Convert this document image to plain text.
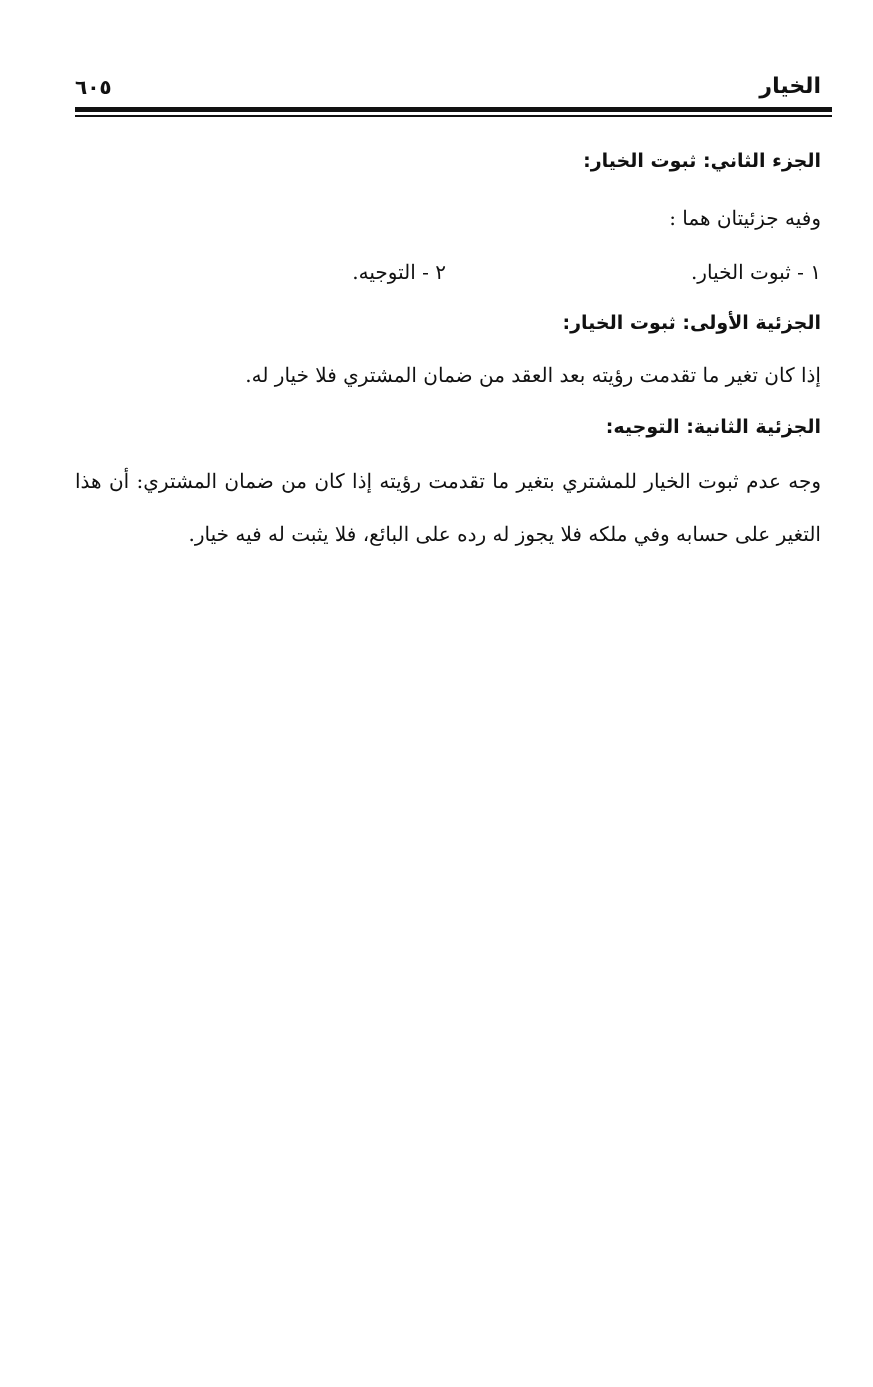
الخيار
٦٠٥
الجزء الثاني: ثبوت الخيار:
وفيه جزئيتان هما :
١ - ثبوت الخيار.
٢ - التوجيه.
الجزئية الأولى: ثبوت الخيار:
إذا كان تغير ما تقدمت رؤيته بعد العقد من ضمان المشتري فلا خيار له.
الجزئية الثانية: التوجيه:
وجه عدم ثبوت الخيار للمشتري بتغير ما تقدمت رؤيته إذا كان من ضمان المشتري: أن هذا التغير على حسابه وفي ملكه فلا يجوز له رده على البائع، فلا يثبت له فيه خيار.
